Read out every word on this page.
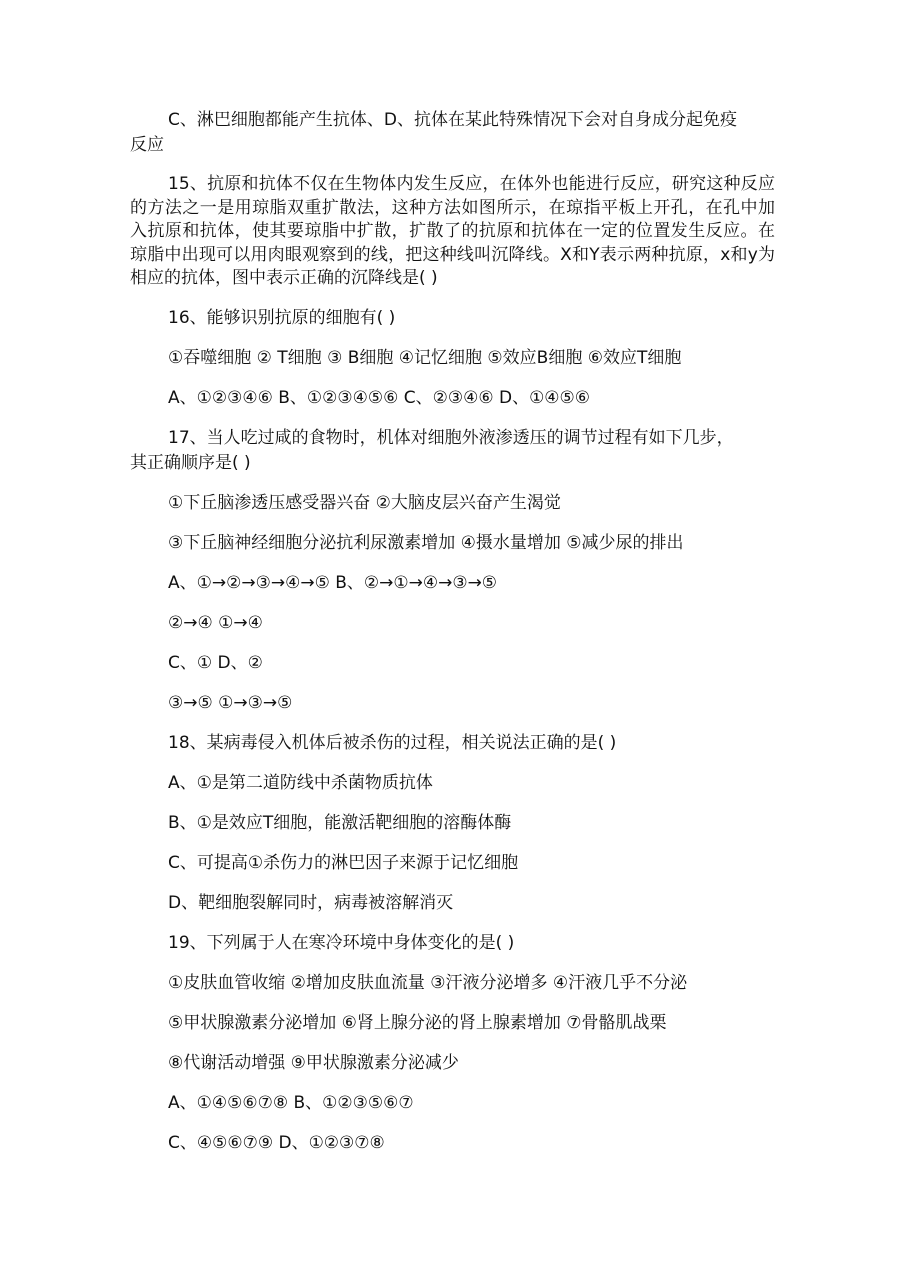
C、淋巴细胞都能产生抗体、D、抗体在某此特殊情况下会对自身成分起免疫

反应

15、抗原和抗体不仅在生物体内发生反应，在体外也能进行反应，研究这种反应的方法之一是用琼脂双重扩散法，这种方法如图所示，在琼指平板上开孔，在孔中加入抗原和抗体，使其要琼脂中扩散，扩散了的抗原和抗体在一定的位置发生反应。在琼脂中出现可以用肉眼观察到的线，把这种线叫沉降线。X和Y表示两种抗原，x和y为相应的抗体，图中表示正确的沉降线是( )

16、能够识别抗原的细胞有( )

①吞噬细胞 ② T细胞 ③ B细胞 ④记忆细胞 ⑤效应B细胞 ⑥效应T细胞

A、①②③④⑥ B、①②③④⑤⑥ C、②③④⑥ D、①④⑤⑥

17、当人吃过咸的食物时，机体对细胞外液渗透压的调节过程有如下几步，

其正确顺序是( )

①下丘脑渗透压感受器兴奋 ②大脑皮层兴奋产生渴觉

③下丘脑神经细胞分泌抗利尿激素增加 ④摄水量增加 ⑤减少尿的排出

A、①→②→③→④→⑤ B、②→①→④→③→⑤

②→④ ①→④

C、① D、②

③→⑤ ①→③→⑤

18、某病毒侵入机体后被杀伤的过程，相关说法正确的是( )

A、①是第二道防线中杀菌物质抗体

B、①是效应T细胞，能激活靶细胞的溶酶体酶

C、可提高①杀伤力的淋巴因子来源于记忆细胞

D、靶细胞裂解同时，病毒被溶解消灭

19、下列属于人在寒冷环境中身体变化的是( )

①皮肤血管收缩 ②增加皮肤血流量 ③汗液分泌增多 ④汗液几乎不分泌

⑤甲状腺激素分泌增加 ⑥肾上腺分泌的肾上腺素增加 ⑦骨骼肌战栗

⑧代谢活动增强 ⑨甲状腺激素分泌减少

A、①④⑤⑥⑦⑧ B、①②③⑤⑥⑦

C、④⑤⑥⑦⑨ D、①②③⑦⑧
